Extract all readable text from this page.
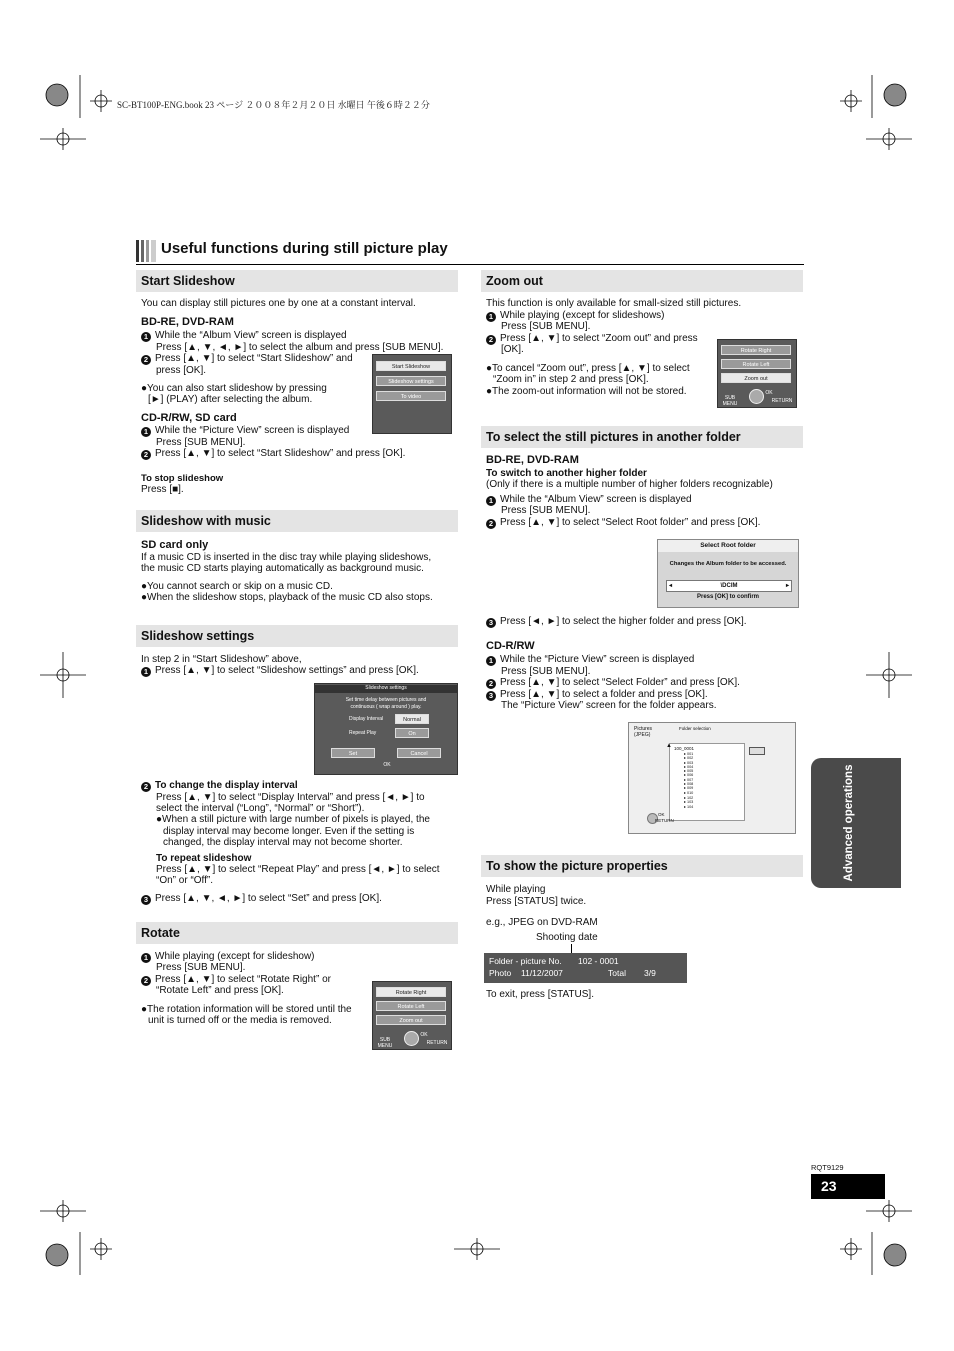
SC-BT100P-ENG.book 23 ページ ２００８年２月２０日 水曜日 午後６時２２分
Useful functions during still picture play
Start Slideshow
You can display still pictures one by one at a constant interval.
BD-RE, DVD-RAM
1 While the “Album View” screen is displayed
Press [▲, ▼, ◄, ►] to select the album and press [SUB MENU].
2 Press [▲, ▼] to select “Start Slideshow” and
press [OK].
●You can also start slideshow by pressing
[►] (PLAY) after selecting the album.
CD-R/RW, SD card
1 While the “Picture View” screen is displayed
Press [SUB MENU].
2 Press [▲, ▼] to select “Start Slideshow” and press [OK].
To stop slideshow
Press [■].
Start Slideshow
Slideshow settings
To video
Slideshow with music
SD card only
If a music CD is inserted in the disc tray while playing slideshows,
the music CD starts playing automatically as background music.
●You cannot search or skip on a music CD.
●When the slideshow stops, playback of the music CD also stops.
Slideshow settings
In step 2 in “Start Slideshow” above,
1 Press [▲, ▼] to select “Slideshow settings” and press [OK].
Slideshow settings
Set time delay between pictures and
continuous ( wrap around ) play.
Display Interval	Normal
Repeat Play	On
Set	Cancel
OK
2 To change the display interval
Press [▲, ▼] to select “Display Interval” and press [◄, ►] to
select the interval (“Long”, “Normal” or “Short”).
●When a still picture with large number of pixels is played, the
display interval may become longer. Even if the setting is
changed, the display interval may not become shorter.
To repeat slideshow
Press [▲, ▼] to select “Repeat Play” and press [◄, ►] to select
“On” or “Off”.
3 Press [▲, ▼, ◄, ►] to select “Set” and press [OK].
Rotate
1 While playing (except for slideshow)
Press [SUB MENU].
2 Press [▲, ▼] to select “Rotate Right” or
“Rotate Left” and press [OK].
●The rotation information will be stored until the
unit is turned off or the media is removed.
Rotate Right
Rotate Left
Zoom out
SUB MENU
OK
RETURN
Zoom out
This function is only available for small-sized still pictures.
1 While playing (except for slideshows)
Press [SUB MENU].
2 Press [▲, ▼] to select “Zoom out” and press
[OK].
●To cancel “Zoom out”, press [▲, ▼] to select
“Zoom in” in step 2 and press [OK].
●The zoom-out information will not be stored.
Rotate Right
Rotate Left
Zoom out
SUB MENU
OK
RETURN
To select the still pictures in another folder
BD-RE, DVD-RAM
To switch to another higher folder
(Only if there is a multiple number of higher folders recognizable)
1 While the “Album View” screen is displayed
Press [SUB MENU].
2 Press [▲, ▼] to select “Select Root folder” and press [OK].
Select Root folder
Changes the Album folder to be accessed.
◂	\DCIM	▸
Press [OK] to confirm
3 Press [◄, ►] to select the higher folder and press [OK].
CD-R/RW
1 While the “Picture View” screen is displayed
Press [SUB MENU].
2 Press [▲, ▼] to select “Select Folder” and press [OK].
3 Press [▲, ▼] to select a folder and press [OK].
The “Picture View” screen for the folder appears.
Pictures
(JPEG)
Folder selection
100_0001
▸ 001
▸ 002
▸ 003
▸ 004
▸ 005
▸ 006
▸ 007
▸ 008
▸ 009
▸ 010
▸ 102
▸ 103
▸ 104
▲
OK
RETURN
To show the picture properties
While playing
Press [STATUS] twice.
e.g., JPEG on DVD-RAM
Shooting date
Folder - picture No. 102 - 0001
Photo 11/12/2007	Total 3/9
To exit, press [STATUS].
Advanced operations
RQT9129
23
